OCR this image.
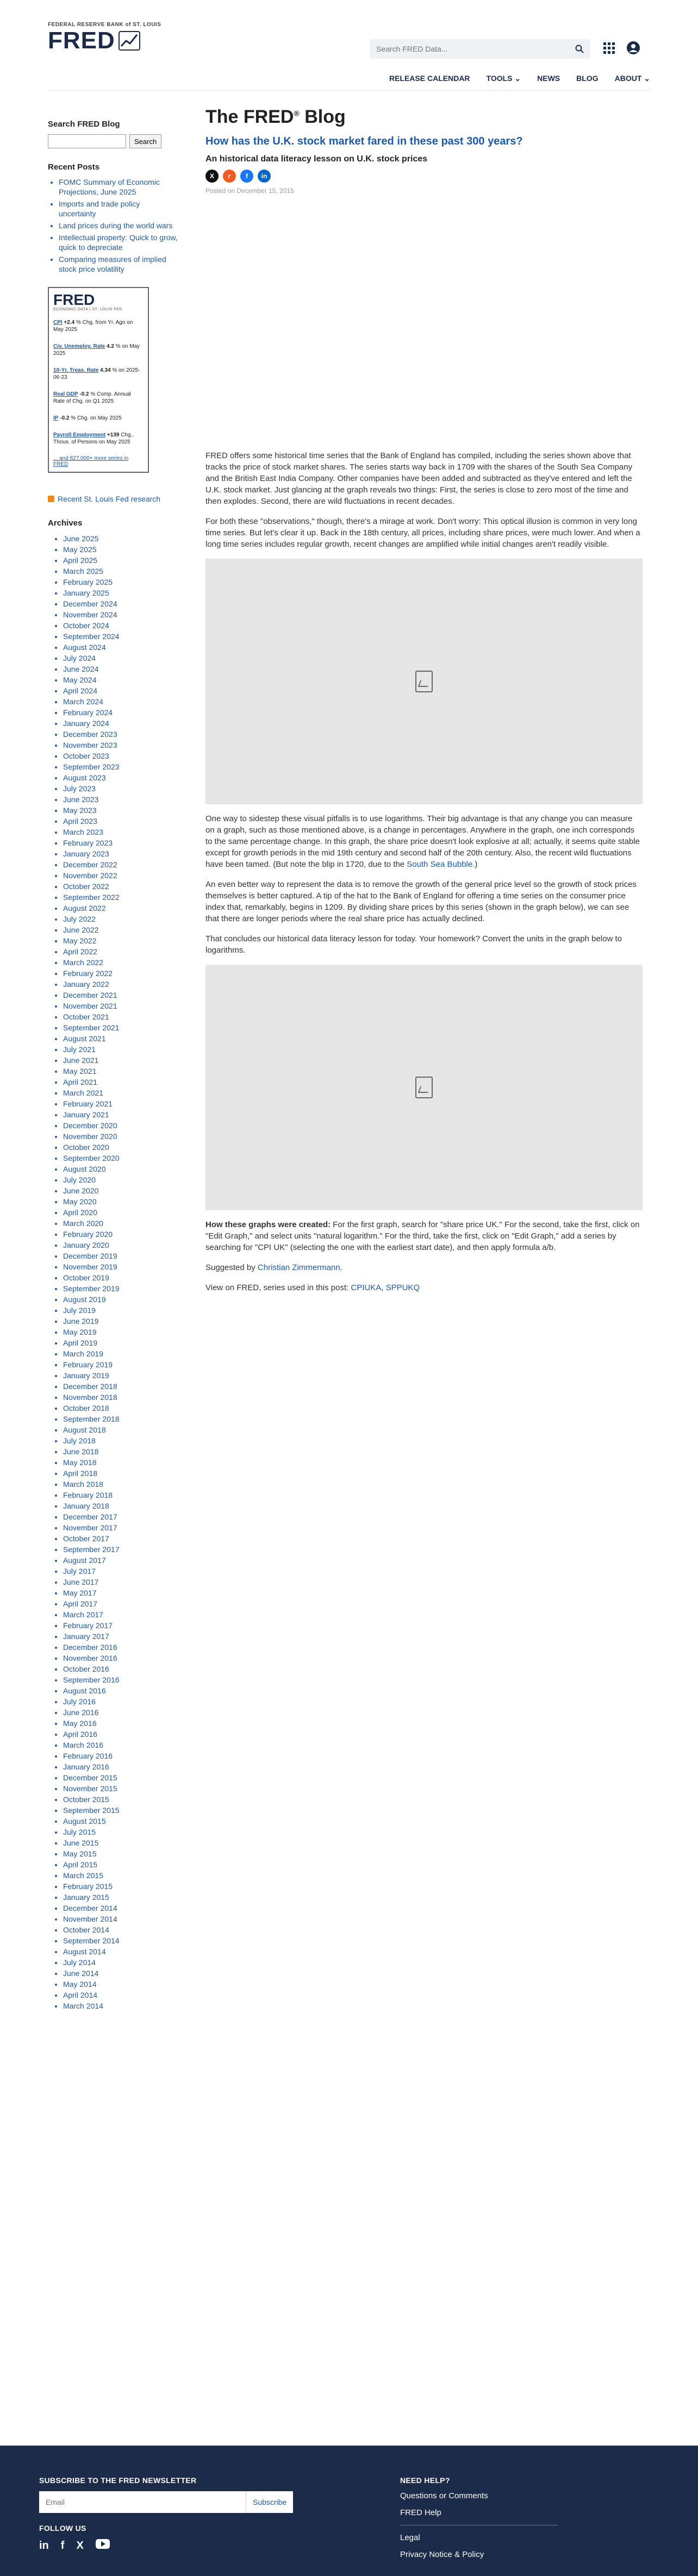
FEDERAL RESERVE BANK of ST. LOUIS
FRED
Search FRED Data...
RELEASE CALENDAR TOOLS ⌄ NEWS BLOG ABOUT ⌄
Search FRED Blog
Search
Recent Posts
• FOMC Summary of Economic Projections, June 2025
• Imports and trade policy uncertainty
• Land prices during the world wars
• Intellectual property: Quick to grow, quick to depreciate
• Comparing measures of implied stock price volatility
FRED
ECONOMIC DATA | ST. LOUIS FED
CPI +2.4 % Chg. from Yr. Ago on May 2025
Civ. Unemploy. Rate 4.2 % on May 2025
10-Yr. Treas. Rate 4.34 % on 2025-06-23
Real GDP -0.2 % Comp. Annual Rate of Chg. on Q1 2025
IP -0.2 % Chg. on May 2025
Payroll Employment +139 Chg., Thous. of Persons on May 2025
... and 827,000+ more series in FRED
Recent St. Louis Fed research
Archives
• June 2025
• May 2025
• April 2025
• March 2025
• February 2025
• January 2025
• December 2024
• November 2024
• October 2024
• September 2024
• August 2024
• July 2024
• June 2024
• May 2024
• April 2024
• March 2024
• February 2024
• January 2024
• December 2023
• November 2023
• October 2023
• September 2023
• August 2023
• July 2023
• June 2023
• May 2023
• April 2023
• March 2023
• February 2023
• January 2023
• December 2022
• November 2022
• October 2022
• September 2022
• August 2022
• July 2022
• June 2022
• May 2022
• April 2022
• March 2022
• February 2022
• January 2022
• December 2021
• November 2021
• October 2021
• September 2021
• August 2021
• July 2021
• June 2021
• May 2021
• April 2021
• March 2021
• February 2021
• January 2021
• December 2020
• November 2020
• October 2020
• September 2020
• August 2020
• July 2020
• June 2020
• May 2020
• April 2020
• March 2020
• February 2020
• January 2020
• December 2019
• November 2019
• October 2019
• September 2019
• August 2019
• July 2019
• June 2019
• May 2019
• April 2019
• March 2019
• February 2019
• January 2019
• December 2018
• November 2018
• October 2018
• September 2018
• August 2018
• July 2018
• June 2018
• May 2018
• April 2018
• March 2018
• February 2018
• January 2018
• December 2017
• November 2017
• October 2017
• September 2017
• August 2017
• July 2017
• June 2017
• May 2017
• April 2017
• March 2017
• February 2017
• January 2017
• December 2016
• November 2016
• October 2016
• September 2016
• August 2016
• July 2016
• June 2016
• May 2016
• April 2016
• March 2016
• February 2016
• January 2016
• December 2015
• November 2015
• October 2015
• September 2015
• August 2015
• July 2015
• June 2015
• May 2015
• April 2015
• March 2015
• February 2015
• January 2015
• December 2014
• November 2014
• October 2014
• September 2014
• August 2014
• July 2014
• June 2014
• May 2014
• April 2014
• March 2014
The FRED® Blog
How has the U.K. stock market fared in these past 300 years?
An historical data literacy lesson on U.K. stock prices
X	r	f	in
Posted on December 15, 2015

FRED offers some historical time series that the Bank of England has compiled, including the series shown above that tracks the price of stock market shares. The series starts way back in 1709 with the shares of the South Sea Company and the British East India Company. Other companies have been added and subtracted as they've entered and left the U.K. stock market. Just glancing at the graph reveals two things: First, the series is close to zero most of the time and then explodes. Second, there are wild fluctuations in recent decades.

For both these "observations," though, there's a mirage at work. Don't worry: This optical illusion is common in very long time series. But let's clear it up. Back in the 18th century, all prices, including share prices, were much lower. And when a long time series includes regular growth, recent changes are amplified while initial changes aren't readily visible.

One way to sidestep these visual pitfalls is to use logarithms. Their big advantage is that any change you can measure on a graph, such as those mentioned above, is a change in percentages. Anywhere in the graph, one inch corresponds to the same percentage change. In this graph, the share price doesn't look explosive at all; actually, it seems quite stable except for growth periods in the mid 19th century and second half of the 20th century. Also, the recent wild fluctuations have been tamed. (But note the blip in 1720, due to the South Sea Bubble.)

An even better way to represent the data is to remove the growth of the general price level so the growth of stock prices themselves is better captured. A tip of the hat to the Bank of England for offering a time series on the consumer price index that, remarkably, begins in 1209. By dividing share prices by this series (shown in the graph below), we can see that there are longer periods where the real share price has actually declined.

That concludes our historical data literacy lesson for today. Your homework? Convert the units in the graph below to logarithms.

How these graphs were created: For the first graph, search for "share price UK." For the second, take the first, click on "Edit Graph," and select units "natural logarithm." For the third, take the first, click on "Edit Graph," add a series by searching for "CPI UK" (selecting the one with the earliest start date), and then apply formula a/b.

Suggested by Christian Zimmermann.

View on FRED, series used in this post: CPIUKA, SPPUKQ

SUBSCRIBE TO THE FRED NEWSLETTER
Email
Subscribe
FOLLOW US
in f X
NEED HELP?
Questions or Comments
FRED Help
Legal
Privacy Notice & Policy
